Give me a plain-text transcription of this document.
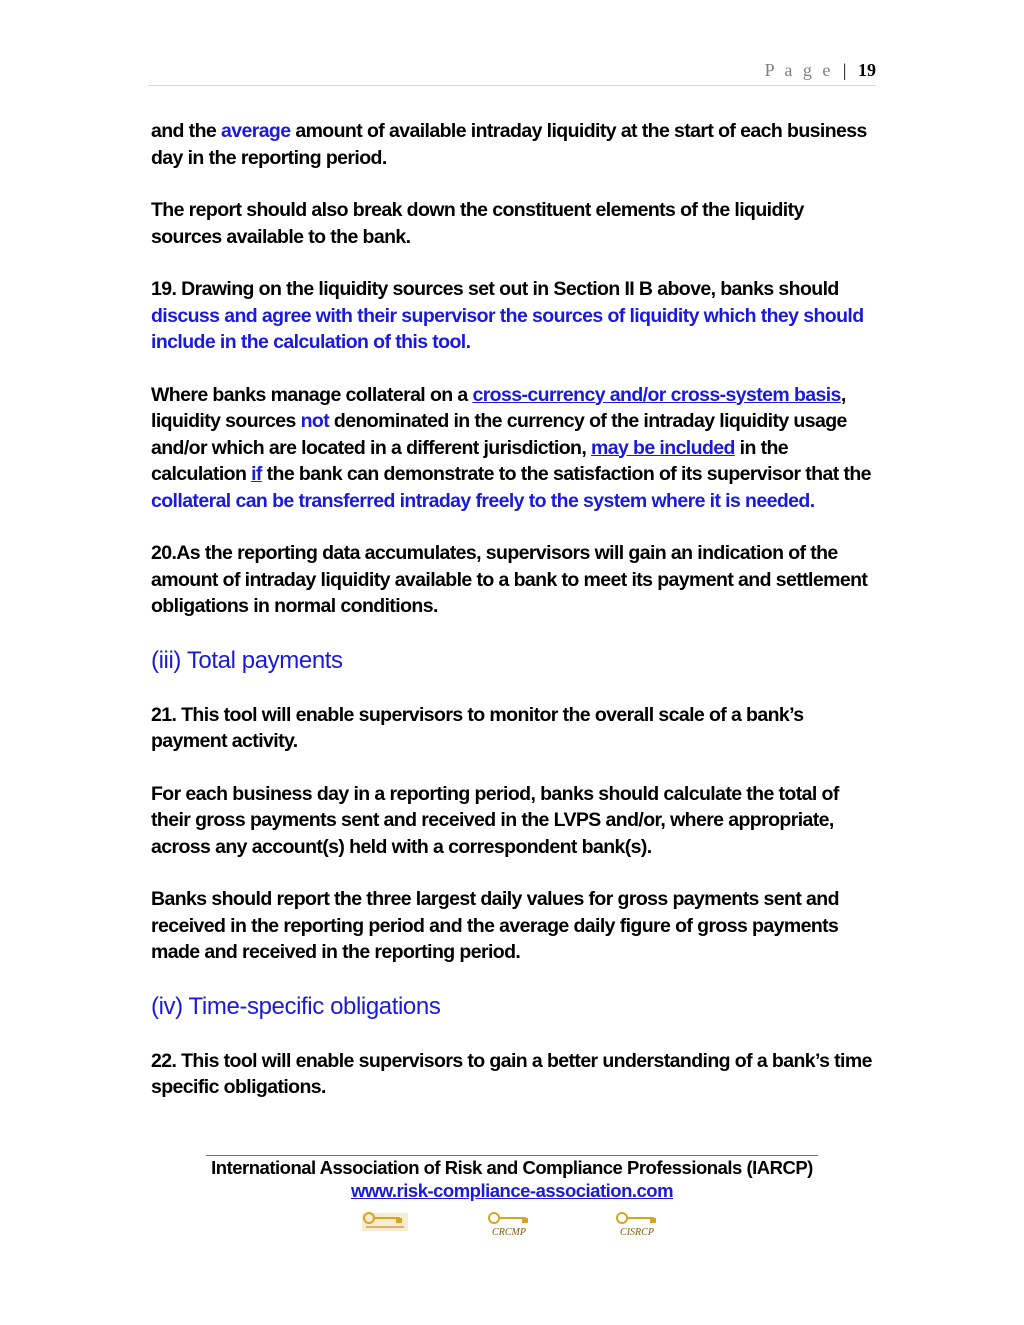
P a g e | 19

and the average amount of available intraday liquidity at the start of each business day in the reporting period.

The report should also break down the constituent elements of the liquidity sources available to the bank.

19. Drawing on the liquidity sources set out in Section II B above, banks should discuss and agree with their supervisor the sources of liquidity which they should include in the calculation of this tool.

Where banks manage collateral on a cross-currency and/or cross-system basis, liquidity sources not denominated in the currency of the intraday liquidity usage and/or which are located in a different jurisdiction, may be included in the calculation if the bank can demonstrate to the satisfaction of its supervisor that the collateral can be transferred intraday freely to the system where it is needed.

20.As the reporting data accumulates, supervisors will gain an indication of the amount of intraday liquidity available to a bank to meet its payment and settlement obligations in normal conditions.

(iii) Total payments

21. This tool will enable supervisors to monitor the overall scale of a bank’s payment activity.

For each business day in a reporting period, banks should calculate the total of their gross payments sent and received in the LVPS and/or, where appropriate, across any account(s) held with a correspondent bank(s).

Banks should report the three largest daily values for gross payments sent and received in the reporting period and the average daily figure of gross payments made and received in the reporting period.

(iv) Time-specific obligations

22. This tool will enable supervisors to gain a better understanding of a bank’s time specific obligations.

International Association of Risk and Compliance Professionals (IARCP)
www.risk-compliance-association.com
CRCMP	CISRCP
